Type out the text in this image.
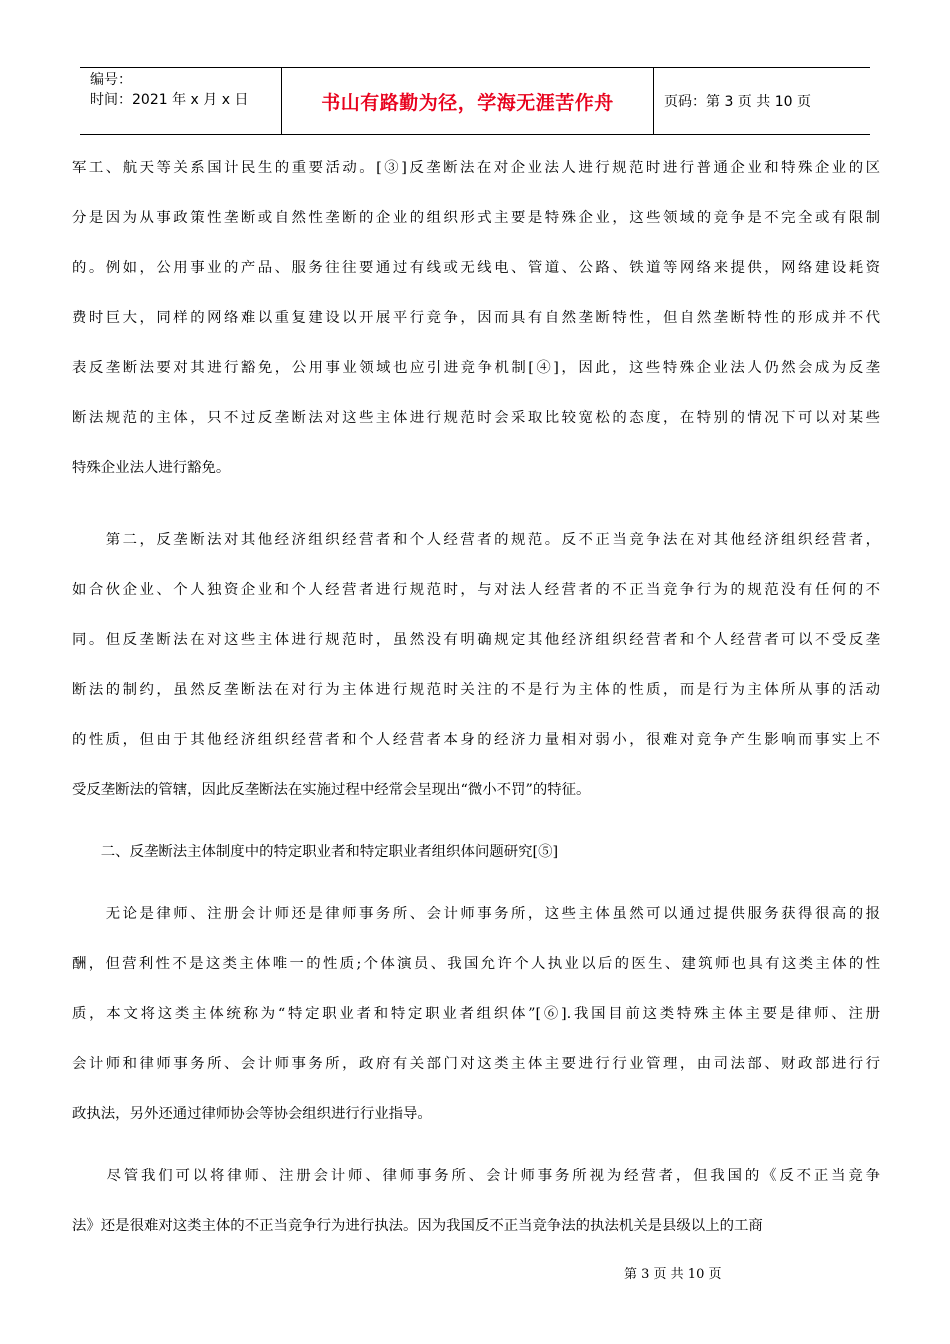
编号：
时间：2021 年 x 月 x 日	书山有路勤为径，学海无涯苦作舟	页码：第 3 页 共 10 页
军工、航天等关系国计民生的重要活动。[③]反垄断法在对企业法人进行规范时进行普通企业和特殊企业的区
分是因为从事政策性垄断或自然性垄断的企业的组织形式主要是特殊企业，这些领域的竞争是不完全或有限制
的。例如，公用事业的产品、服务往往要通过有线或无线电、管道、公路、铁道等网络来提供，网络建设耗资
费时巨大，同样的网络难以重复建设以开展平行竞争，因而具有自然垄断特性，但自然垄断特性的形成并不代
表反垄断法要对其进行豁免，公用事业领域也应引进竞争机制[④]，因此，这些特殊企业法人仍然会成为反垄
断法规范的主体，只不过反垄断法对这些主体进行规范时会采取比较宽松的态度，在特别的情况下可以对某些
特殊企业法人进行豁免。
　　第二，反垄断法对其他经济组织经营者和个人经营者的规范。反不正当竞争法在对其他经济组织经营者，
如合伙企业、个人独资企业和个人经营者进行规范时，与对法人经营者的不正当竞争行为的规范没有任何的不
同。但反垄断法在对这些主体进行规范时，虽然没有明确规定其他经济组织经营者和个人经营者可以不受反垄
断法的制约，虽然反垄断法在对行为主体进行规范时关注的不是行为主体的性质，而是行为主体所从事的活动
的性质，但由于其他经济组织经营者和个人经营者本身的经济力量相对弱小，很难对竞争产生影响而事实上不
受反垄断法的管辖，因此反垄断法在实施过程中经常会呈现出“微小不罚”的特征。
　　二、反垄断法主体制度中的特定职业者和特定职业者组织体问题研究[⑤]
　　无论是律师、注册会计师还是律师事务所、会计师事务所，这些主体虽然可以通过提供服务获得很高的报
酬，但营利性不是这类主体唯一的性质;个体演员、我国允许个人执业以后的医生、建筑师也具有这类主体的性
质，本文将这类主体统称为“特定职业者和特定职业者组织体”[⑥].我国目前这类特殊主体主要是律师、注册
会计师和律师事务所、会计师事务所，政府有关部门对这类主体主要进行行业管理，由司法部、财政部进行行
政执法，另外还通过律师协会等协会组织进行行业指导。
　　尽管我们可以将律师、注册会计师、律师事务所、会计师事务所视为经营者，但我国的《反不正当竞争
法》还是很难对这类主体的不正当竞争行为进行执法。因为我国反不正当竞争法的执法机关是县级以上的工商
第 3 页 共 10 页
